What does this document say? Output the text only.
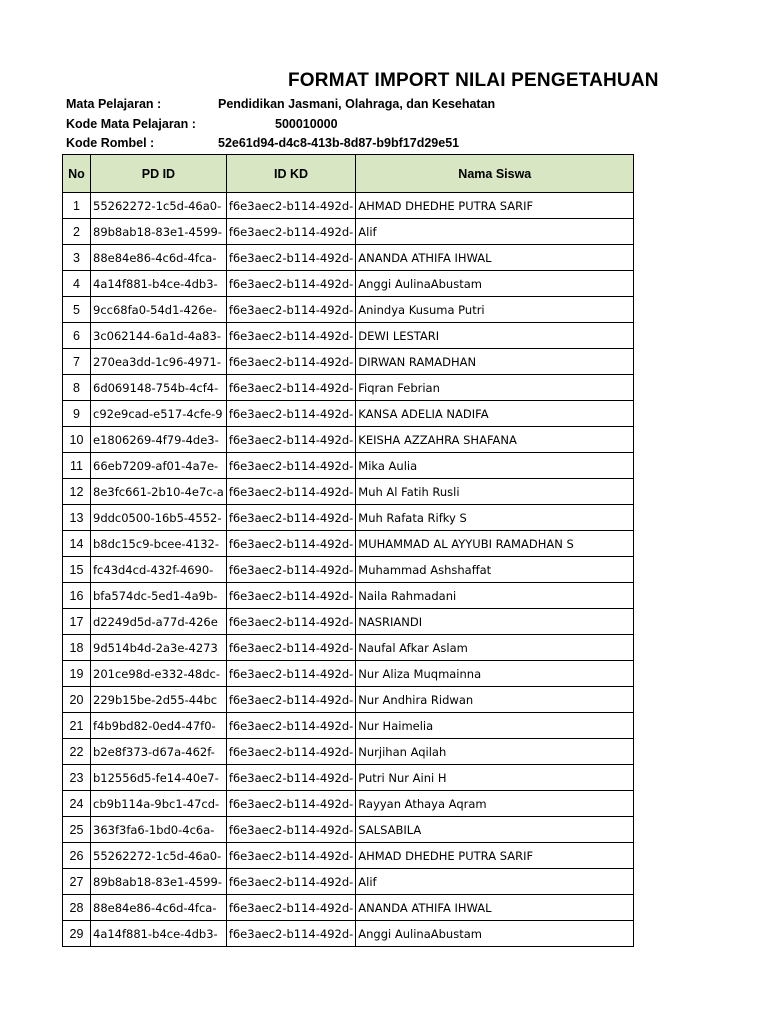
FORMAT IMPORT NILAI PENGETAHUAN
Mata Pelajaran :	Pendidikan Jasmani, Olahraga, dan Kesehatan
Kode Mata Pelajaran :	500010000
Kode Rombel :	52e61d94-d4c8-413b-8d87-b9bf17d29e51
No	PD ID	ID KD	Nama Siswa
1	55262272-1c5d-46a0-	f6e3aec2-b114-492d-	AHMAD DHEDHE PUTRA SARIF
2	89b8ab18-83e1-4599-	f6e3aec2-b114-492d-	Alif
3	88e84e86-4c6d-4fca-	f6e3aec2-b114-492d-	ANANDA ATHIFA IHWAL
4	4a14f881-b4ce-4db3-	f6e3aec2-b114-492d-	Anggi AulinaAbustam
5	9cc68fa0-54d1-426e-	f6e3aec2-b114-492d-	Anindya Kusuma Putri
6	3c062144-6a1d-4a83-	f6e3aec2-b114-492d-	DEWI LESTARI
7	270ea3dd-1c96-4971-	f6e3aec2-b114-492d-	DIRWAN RAMADHAN
8	6d069148-754b-4cf4-	f6e3aec2-b114-492d-	Fiqran Febrian
9	c92e9cad-e517-4cfe-9	f6e3aec2-b114-492d-	KANSA ADELIA NADIFA
10	e1806269-4f79-4de3-	f6e3aec2-b114-492d-	KEISHA AZZAHRA SHAFANA
11	66eb7209-af01-4a7e-	f6e3aec2-b114-492d-	Mika Aulia
12	8e3fc661-2b10-4e7c-a	f6e3aec2-b114-492d-	Muh Al Fatih Rusli
13	9ddc0500-16b5-4552-	f6e3aec2-b114-492d-	Muh Rafata Rifky S
14	b8dc15c9-bcee-4132-	f6e3aec2-b114-492d-	MUHAMMAD AL AYYUBI RAMADHAN S
15	fc43d4cd-432f-4690-	f6e3aec2-b114-492d-	Muhammad Ashshaffat
16	bfa574dc-5ed1-4a9b-	f6e3aec2-b114-492d-	Naila Rahmadani
17	d2249d5d-a77d-426e	f6e3aec2-b114-492d-	NASRIANDI
18	9d514b4d-2a3e-4273	f6e3aec2-b114-492d-	Naufal Afkar Aslam
19	201ce98d-e332-48dc-	f6e3aec2-b114-492d-	Nur Aliza Muqmainna
20	229b15be-2d55-44bc	f6e3aec2-b114-492d-	Nur Andhira Ridwan
21	f4b9bd82-0ed4-47f0-	f6e3aec2-b114-492d-	Nur Haimelia
22	b2e8f373-d67a-462f-	f6e3aec2-b114-492d-	Nurjihan Aqilah
23	b12556d5-fe14-40e7-	f6e3aec2-b114-492d-	Putri Nur Aini H
24	cb9b114a-9bc1-47cd-	f6e3aec2-b114-492d-	Rayyan Athaya Aqram
25	363f3fa6-1bd0-4c6a-	f6e3aec2-b114-492d-	SALSABILA
26	55262272-1c5d-46a0-	f6e3aec2-b114-492d-	AHMAD DHEDHE PUTRA SARIF
27	89b8ab18-83e1-4599-	f6e3aec2-b114-492d-	Alif
28	88e84e86-4c6d-4fca-	f6e3aec2-b114-492d-	ANANDA ATHIFA IHWAL
29	4a14f881-b4ce-4db3-	f6e3aec2-b114-492d-	Anggi AulinaAbustam
